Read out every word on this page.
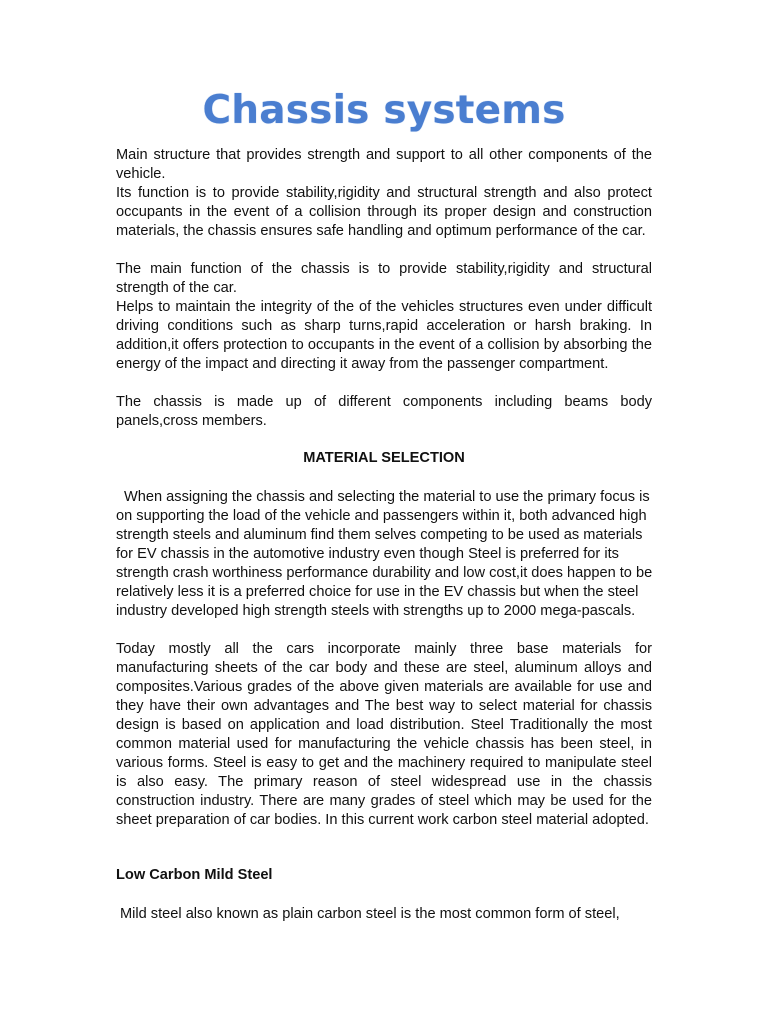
Chassis systems

Main structure that provides strength and support to all other components of the vehicle.

Its function is to provide stability,rigidity and structural strength and also protect occupants in the event of a collision through its proper design and construction materials, the chassis ensures safe handling and optimum performance of the car.

The main function of the chassis is to provide stability,rigidity and structural strength of the car.

Helps to maintain the integrity of the of the vehicles structures even under difficult driving conditions such as sharp turns,rapid acceleration or harsh braking. In addition,it offers protection to occupants in the event of a collision by absorbing the energy of the impact and directing it away from the passenger compartment.

The chassis is made up of different components including beams body panels,cross members.

MATERIAL SELECTION

When assigning the chassis and selecting the material to use the primary focus is on supporting the load of the vehicle and passengers within it, both advanced high strength steels and aluminum find them selves competing to be used as materials for EV chassis in the automotive industry even though Steel is preferred for its strength crash worthiness performance durability and low cost,it does happen to be relatively less it is a preferred choice for use in the EV chassis but when the steel industry developed high strength steels with strengths up to 2000 mega-pascals.

Today mostly all the cars incorporate mainly three base materials for manufacturing sheets of the car body and these are steel, aluminum alloys and composites.Various grades of the above given materials are available for use and they have their own advantages and The best way to select material for chassis design is based on application and load distribution. Steel Traditionally the most common material used for manufacturing the vehicle chassis has been steel, in various forms. Steel is easy to get and the machinery required to manipulate steel is also easy. The primary reason of steel widespread use in the chassis construction industry. There are many grades of steel which may be used for the sheet preparation of car bodies. In this current work carbon steel material adopted.

Low Carbon Mild Steel

Mild steel also known as plain carbon steel is the most common form of steel,
